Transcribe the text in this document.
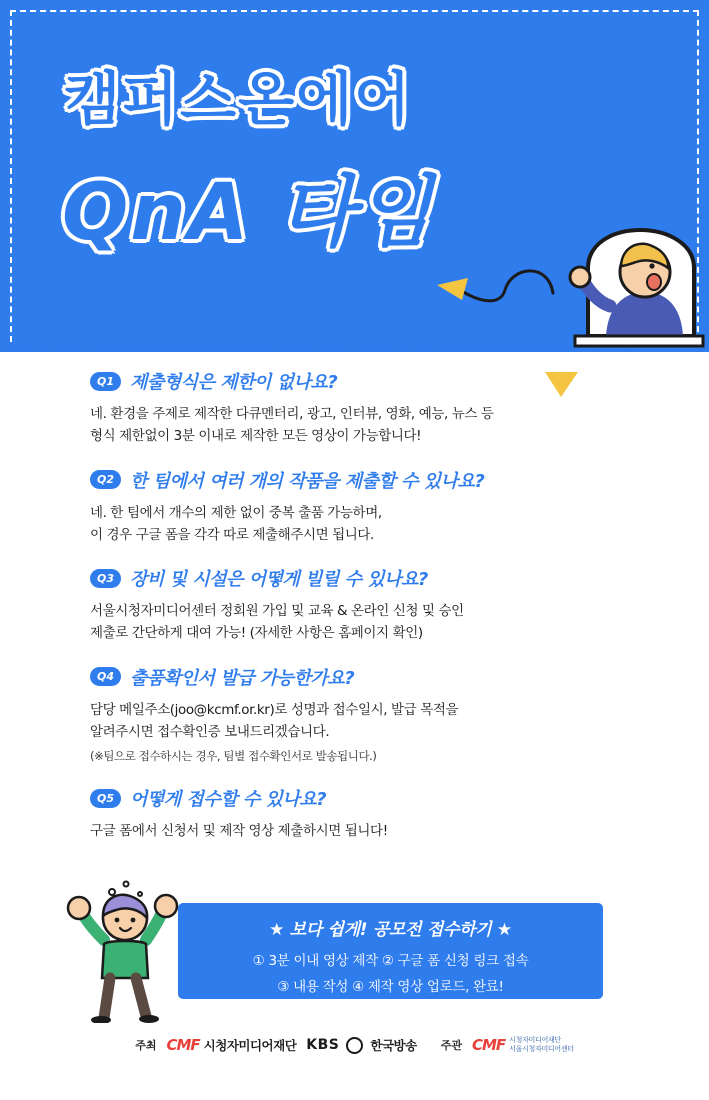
캠퍼스온에어
QnA 타임
Q1 제출형식은 제한이 없나요?
네. 환경을 주제로 제작한 다큐멘터리, 광고, 인터뷰, 영화, 예능, 뉴스 등
형식 제한없이 3분 이내로 제작한 모든 영상이 가능합니다!
Q2 한 팀에서 여러 개의 작품을 제출할 수 있나요?
네. 한 팀에서 개수의 제한 없이 중복 출품 가능하며,
이 경우 구글 폼을 각각 따로 제출해주시면 됩니다.
Q3 장비 및 시설은 어떻게 빌릴 수 있나요?
서울시청자미디어센터 정회원 가입 및 교육 & 온라인 신청 및 승인
제출로 간단하게 대여 가능! (자세한 사항은 홈페이지 확인)
Q4 출품확인서 발급 가능한가요?
담당 메일주소(joo@kcmf.or.kr)로 성명과 접수일시, 발급 목적을
알려주시면 접수확인증 보내드리겠습니다.
(※팀으로 접수하시는 경우, 팀별 접수확인서로 발송됩니다.)
Q5 어떻게 접수할 수 있나요?
구글 폼에서 신청서 및 제작 영상 제출하시면 됩니다!
★ 보다 쉽게! 공모전 접수하기 ★
① 3분 이내 영상 제작 ② 구글 폼 신청 링크 접속
③ 내용 작성 ④ 제작 영상 업로드, 완료!
주최 CMF 시청자미디어재단 KBS 한국방송 주관 CMF 시청자미디어재단
서울시청자미디어센터
